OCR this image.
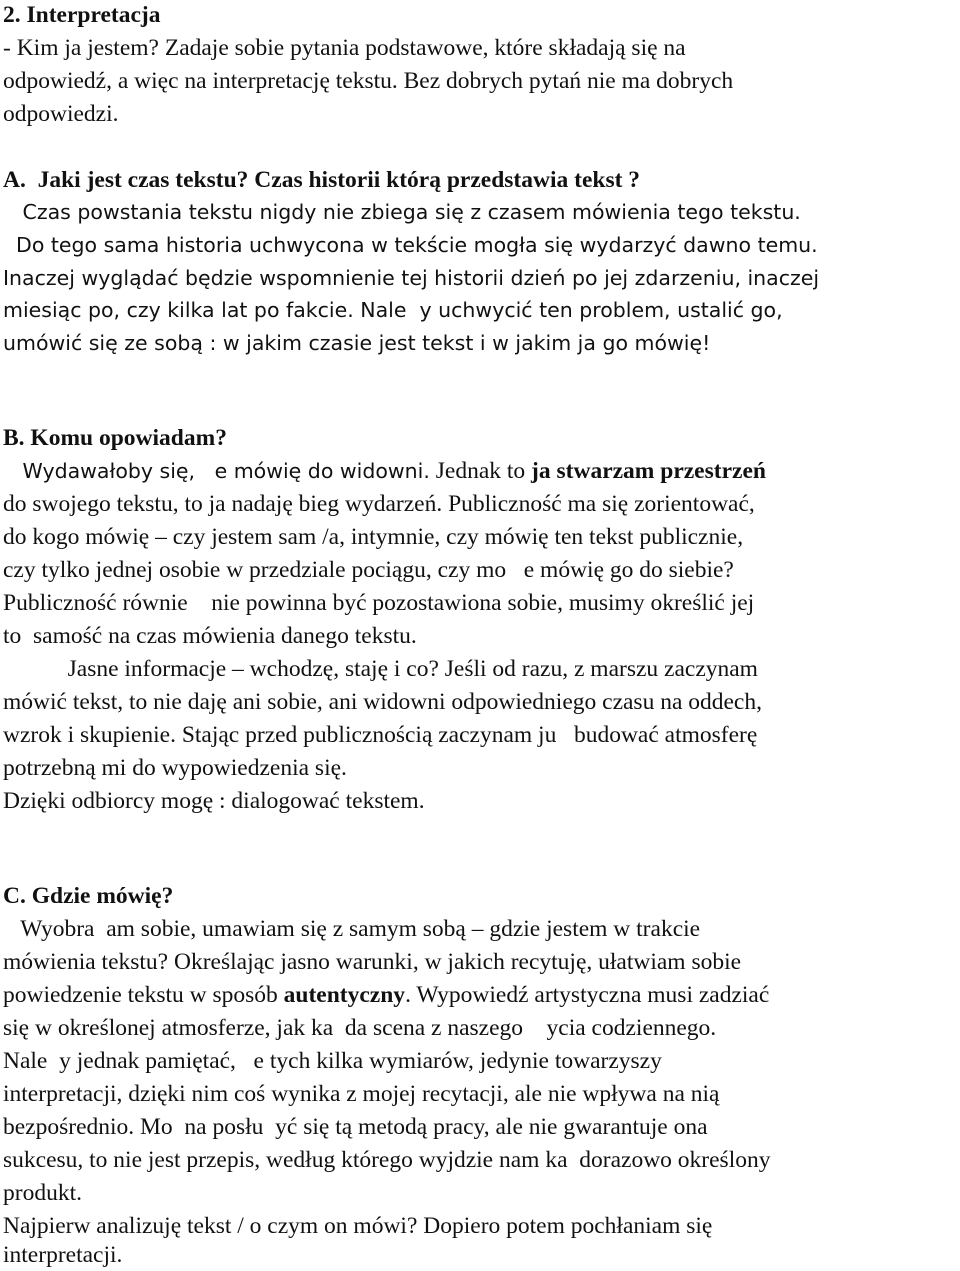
2. Interpretacja
- Kim ja jestem? Zadaje sobie pytania podstawowe, które składają się na
odpowiedź, a więc na interpretację tekstu. Bez dobrych pytań nie ma dobrych
odpowiedzi.
A.  Jaki jest czas tekstu? Czas historii którą przedstawia tekst ?
Czas powstania tekstu nigdy nie zbiega się z czasem mówienia tego tekstu.
Do tego sama historia uchwycona w tekście mogła się wydarzyć dawno temu.
Inaczej wyglądać będzie wspomnienie tej historii dzień po jej zdarzeniu, inaczej
miesiąc po, czy kilka lat po fakcie. Nale  y uchwycić ten problem, ustalić go,
umówić się ze sobą : w jakim czasie jest tekst i w jakim ja go mówię!
B. Komu opowiadam?
Wydawałoby się,   e mówię do widowni. Jednak to ja stwarzam przestrzeń
do swojego tekstu, to ja nadaję bieg wydarzeń. Publiczność ma się zorientować,
do kogo mówię – czy jestem sam /a, intymnie, czy mówię ten tekst publicznie,
czy tylko jednej osobie w przedziale pociągu, czy mo   e mówię go do siebie?
Publiczność równie    nie powinna być pozostawiona sobie, musimy określić jej
to  samość na czas mówienia danego tekstu.
Jasne informacje – wchodzę, staję i co? Jeśli od razu, z marszu zaczynam
mówić tekst, to nie daję ani sobie, ani widowni odpowiedniego czasu na oddech,
wzrok i skupienie. Stając przed publicznością zaczynam ju   budować atmosferę
potrzebną mi do wypowiedzenia się.
Dzięki odbiorcy mogę : dialogować tekstem.
C. Gdzie mówię?
Wyobra  am sobie, umawiam się z samym sobą – gdzie jestem w trakcie
mówienia tekstu? Określając jasno warunki, w jakich recytuję, ułatwiam sobie
powiedzenie tekstu w sposób autentyczny. Wypowiedź artystyczna musi zadziać
się w określonej atmosferze, jak ka  da scena z naszego    ycia codziennego.
Nale  y jednak pamiętać,   e tych kilka wymiarów, jedynie towarzyszy
interpretacji, dzięki nim coś wynika z mojej recytacji, ale nie wpływa na nią
bezpośrednio. Mo  na posłu  yć się tą metodą pracy, ale nie gwarantuje ona
sukcesu, to nie jest przepis, według którego wyjdzie nam ka  dorazowo określony
produkt.
Najpierw analizuję tekst / o czym on mówi? Dopiero potem pochłaniam się
interpretacji.
